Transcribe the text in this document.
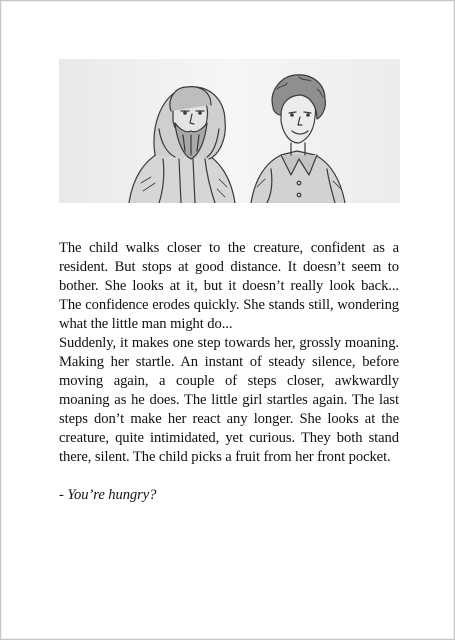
The child walks closer to the creature, confident as a resident. But stops at good distance. It doesn’t seem to bother. She looks at it, but it doesn’t really look back... The confidence erodes quickly. She stands still, wondering what the little man might do...

Suddenly, it makes one step towards her, grossly moaning. Making her startle. An instant of steady silence, before moving again, a couple of steps closer, awkwardly moaning as he does. The little girl startles again. The last steps don’t make her react any longer. She looks at the creature, quite intimidated, yet curious. They both stand there, silent. The child picks a fruit from her front pocket.

- You’re hungry?
